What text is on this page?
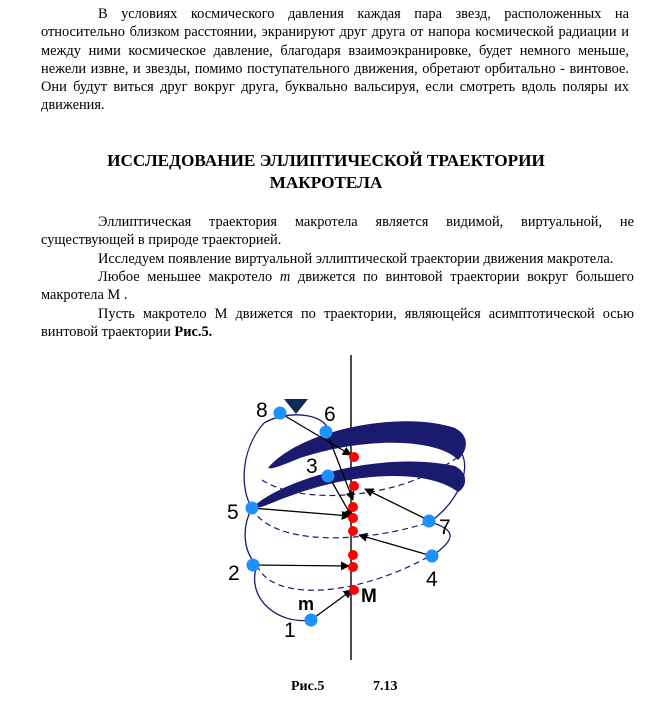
В условиях космического давления каждая пара звезд, расположенных на относительно близком расстоянии, экранируют друг друга от напора космической радиации и между ними космическое давление, благодаря взаимоэкранировке, будет немного меньше, нежели извне, и звезды, помимо поступательного движения, обретают орбитально - винтовое. Они будут виться друг вокруг друга, буквально вальсируя, если смотреть вдоль поляры их движения.

ИССЛЕДОВАНИЕ ЭЛЛИПТИЧЕСКОЙ ТРАЕКТОРИИ
МАКРОТЕЛА

Эллиптическая траектория макротела является видимой, виртуальной, не существующей в природе траекторией.

Исследуем появление виртуальной эллиптической траектории движения макротела.

Любое меньшее макротело m движется по винтовой траектории вокруг большего макротела М .

Пусть макротело М движется по траектории, являющейся асимптотической осью винтовой траектории Рис.5.

8	6
3
5
7
4
2
1
m M
Рис.5	7.13
